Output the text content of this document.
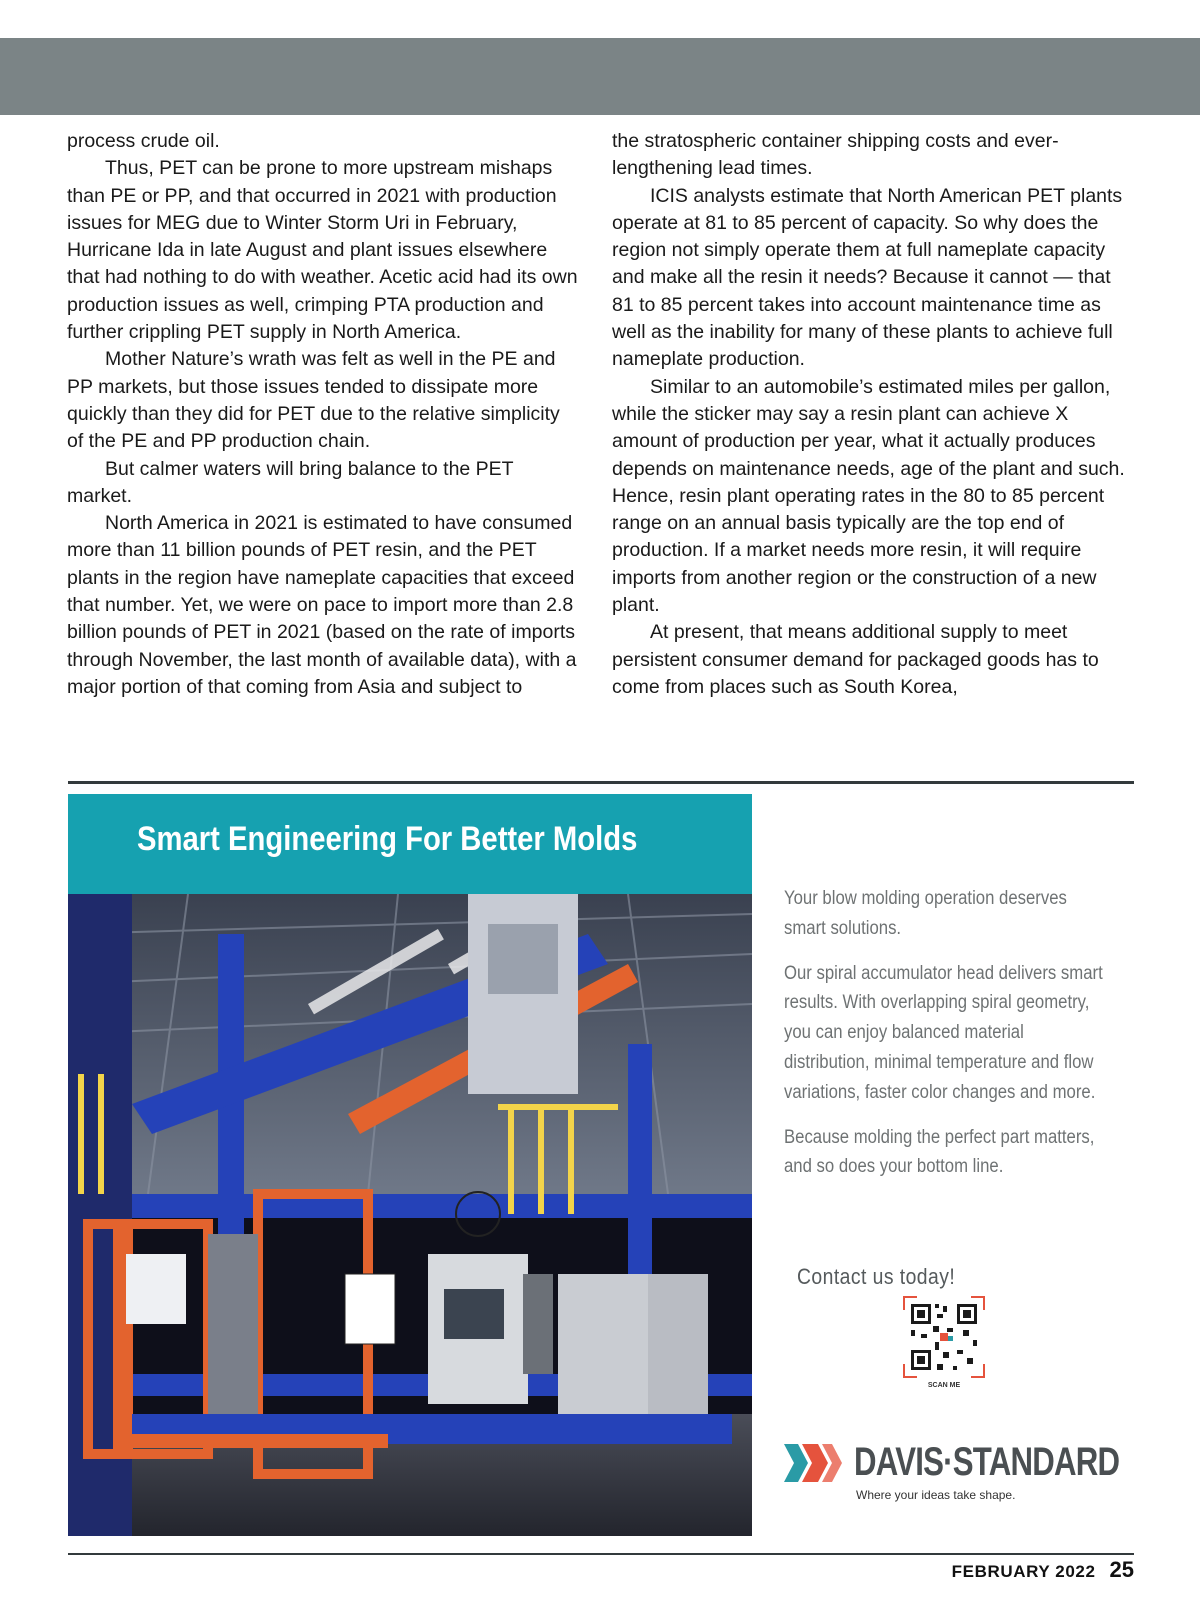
process crude oil.

Thus, PET can be prone to more upstream mishaps than PE or PP, and that occurred in 2021 with production issues for MEG due to Winter Storm Uri in February, Hurricane Ida in late August and plant issues elsewhere that had nothing to do with weather. Acetic acid had its own production issues as well, crimping PTA production and further crippling PET supply in North America.

Mother Nature’s wrath was felt as well in the PE and PP markets, but those issues tended to dissipate more quickly than they did for PET due to the relative simplicity of the PE and PP production chain.

But calmer waters will bring balance to the PET market.

North America in 2021 is estimated to have consumed more than 11 billion pounds of PET resin, and the PET plants in the region have nameplate capacities that exceed that number. Yet, we were on pace to import more than 2.8 billion pounds of PET in 2021 (based on the rate of imports through November, the last month of available data), with a major portion of that coming from Asia and subject to

the stratospheric container shipping costs and ever-lengthening lead times.

ICIS analysts estimate that North American PET plants operate at 81 to 85 percent of capacity. So why does the region not simply operate them at full nameplate capacity and make all the resin it needs? Because it cannot — that 81 to 85 percent takes into account maintenance time as well as the inability for many of these plants to achieve full nameplate production.

Similar to an automobile’s estimated miles per gallon, while the sticker may say a resin plant can achieve X amount of production per year, what it actually produces depends on maintenance needs, age of the plant and such. Hence, resin plant operating rates in the 80 to 85 percent range on an annual basis typically are the top end of production. If a market needs more resin, it will require imports from another region or the construction of a new plant.

At present, that means additional supply to meet persistent consumer demand for packaged goods has to come from places such as South Korea,

Smart Engineering For Better Molds

Your blow molding operation deserves smart solutions.

Our spiral accumulator head delivers smart results. With overlapping spiral geometry, you can enjoy balanced material distribution, minimal temperature and flow variations, faster color changes and more.

Because molding the perfect part matters, and so does your bottom line.

Contact us today!
SCAN ME
DAVIS·STANDARD
Where your ideas take shape.
FEBRUARY 2022 25
